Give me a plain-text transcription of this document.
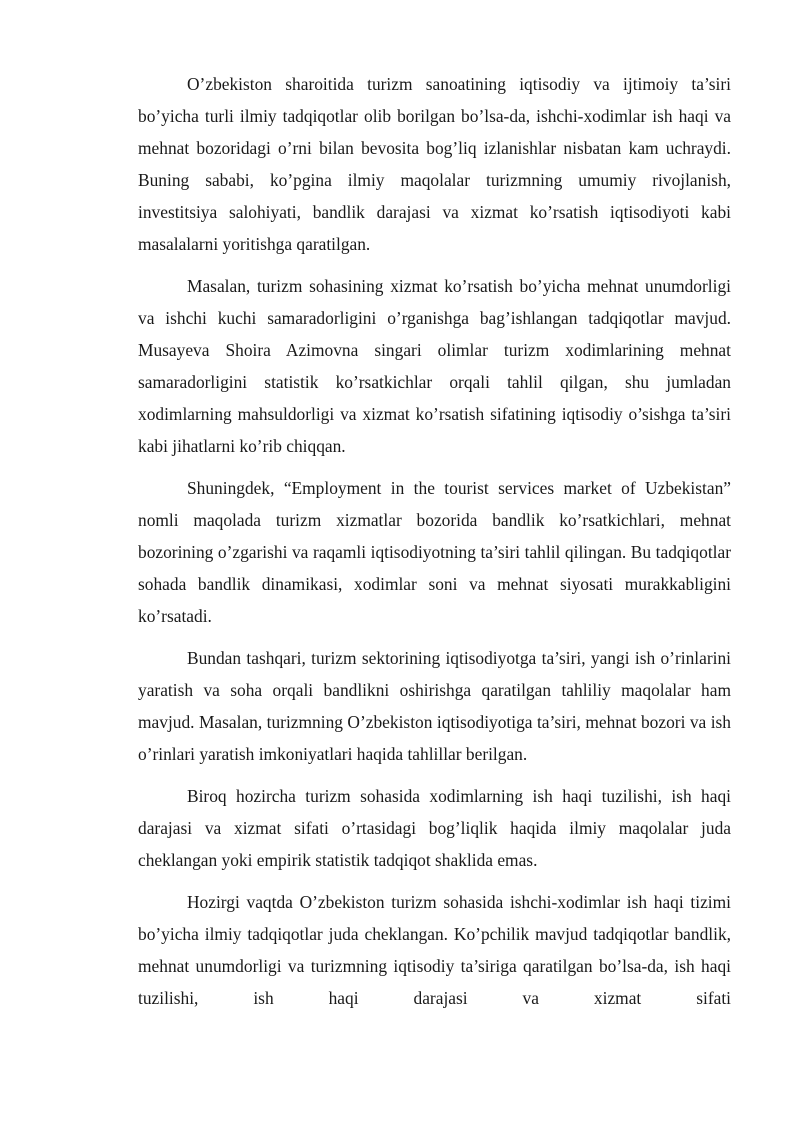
O’zbekiston sharoitida turizm sanoatining iqtisodiy va ijtimoiy ta’siri bo’yicha turli ilmiy tadqiqotlar olib borilgan bo’lsa-da, ishchi-xodimlar ish haqi va mehnat bozoridagi o’rni bilan bevosita bog’liq izlanishlar nisbatan kam uchraydi. Buning sababi, ko’pgina ilmiy maqolalar turizmning umumiy rivojlanish, investitsiya salohiyati, bandlik darajasi va xizmat ko’rsatish iqtisodiyoti kabi masalalarni yoritishga qaratilgan.

Masalan, turizm sohasining xizmat ko’rsatish bo’yicha mehnat unumdorligi va ishchi kuchi samaradorligini o’rganishga bag’ishlangan tadqiqotlar mavjud. Musayeva Shoira Azimovna singari olimlar turizm xodimlarining mehnat samaradorligini statistik ko’rsatkichlar orqali tahlil qilgan, shu jumladan xodimlarning mahsuldorligi va xizmat ko’rsatish sifatining iqtisodiy o’sishga ta’siri kabi jihatlarni ko’rib chiqqan.

Shuningdek, “Employment in the tourist services market of Uzbekistan” nomli maqolada turizm xizmatlar bozorida bandlik ko’rsatkichlari, mehnat bozorining o’zgarishi va raqamli iqtisodiyotning ta’siri tahlil qilingan. Bu tadqiqotlar sohada bandlik dinamikasi, xodimlar soni va mehnat siyosati murakkabligini ko’rsatadi.

Bundan tashqari, turizm sektorining iqtisodiyotga ta’siri, yangi ish o’rinlarini yaratish va soha orqali bandlikni oshirishga qaratilgan tahliliy maqolalar ham mavjud. Masalan, turizmning O’zbekiston iqtisodiyotiga ta’siri, mehnat bozori va ish o’rinlari yaratish imkoniyatlari haqida tahlillar berilgan.

Biroq hozircha turizm sohasida xodimlarning ish haqi tuzilishi, ish haqi darajasi va xizmat sifati o’rtasidagi bog’liqlik haqida ilmiy maqolalar juda cheklangan yoki empirik statistik tadqiqot shaklida emas.

Hozirgi vaqtda O’zbekiston turizm sohasida ishchi-xodimlar ish haqi tizimi bo’yicha ilmiy tadqiqotlar juda cheklangan. Ko’pchilik mavjud tadqiqotlar bandlik, mehnat unumdorligi va turizmning iqtisodiy ta’siriga qaratilgan bo’lsa-da, ish haqi tuzilishi, ish haqi darajasi va xizmat sifati
